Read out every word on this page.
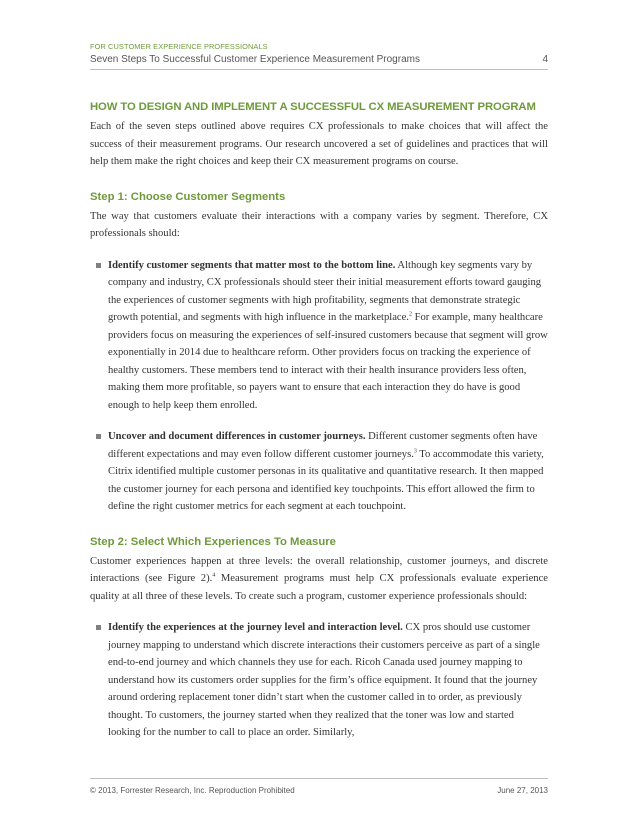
FOR CUSTOMER EXPERIENCE PROFESSIONALS
Seven Steps To Successful Customer Experience Measurement Programs	4
HOW TO DESIGN AND IMPLEMENT A SUCCESSFUL CX MEASUREMENT PROGRAM

Each of the seven steps outlined above requires CX professionals to make choices that will affect the success of their measurement programs. Our research uncovered a set of guidelines and practices that will help them make the right choices and keep their CX measurement programs on course.

Step 1: Choose Customer Segments

The way that customers evaluate their interactions with a company varies by segment. Therefore, CX professionals should:

Identify customer segments that matter most to the bottom line. Although key segments vary by company and industry, CX professionals should steer their initial measurement efforts toward gauging the experiences of customer segments with high profitability, segments that demonstrate strategic growth potential, and segments with high influence in the marketplace.$^2$ For example, many healthcare providers focus on measuring the experiences of self-insured customers because that segment will grow exponentially in 2014 due to healthcare reform. Other providers focus on tracking the experience of healthy customers. These members tend to interact with their health insurance providers less often, making them more profitable, so payers want to ensure that each interaction they do have is good enough to help keep them enrolled.

Uncover and document differences in customer journeys. Different customer segments often have different expectations and may even follow different customer journeys.$^3$ To accommodate this variety, Citrix identified multiple customer personas in its qualitative and quantitative research. It then mapped the customer journey for each persona and identified key touchpoints. This effort allowed the firm to define the right customer metrics for each segment at each touchpoint.

Step 2: Select Which Experiences To Measure

Customer experiences happen at three levels: the overall relationship, customer journeys, and discrete interactions (see Figure 2).$^4$ Measurement programs must help CX professionals evaluate experience quality at all three of these levels. To create such a program, customer experience professionals should:

Identify the experiences at the journey level and interaction level. CX pros should use customer journey mapping to understand which discrete interactions their customers perceive as part of a single end-to-end journey and which channels they use for each. Ricoh Canada used journey mapping to understand how its customers order supplies for the firm’s office equipment. It found that the journey around ordering replacement toner didn’t start when the customer called in to order, as previously thought. To customers, the journey started when they realized that the toner was low and started looking for the number to call to place an order. Similarly,

© 2013, Forrester Research, Inc. Reproduction Prohibited	June 27, 2013
